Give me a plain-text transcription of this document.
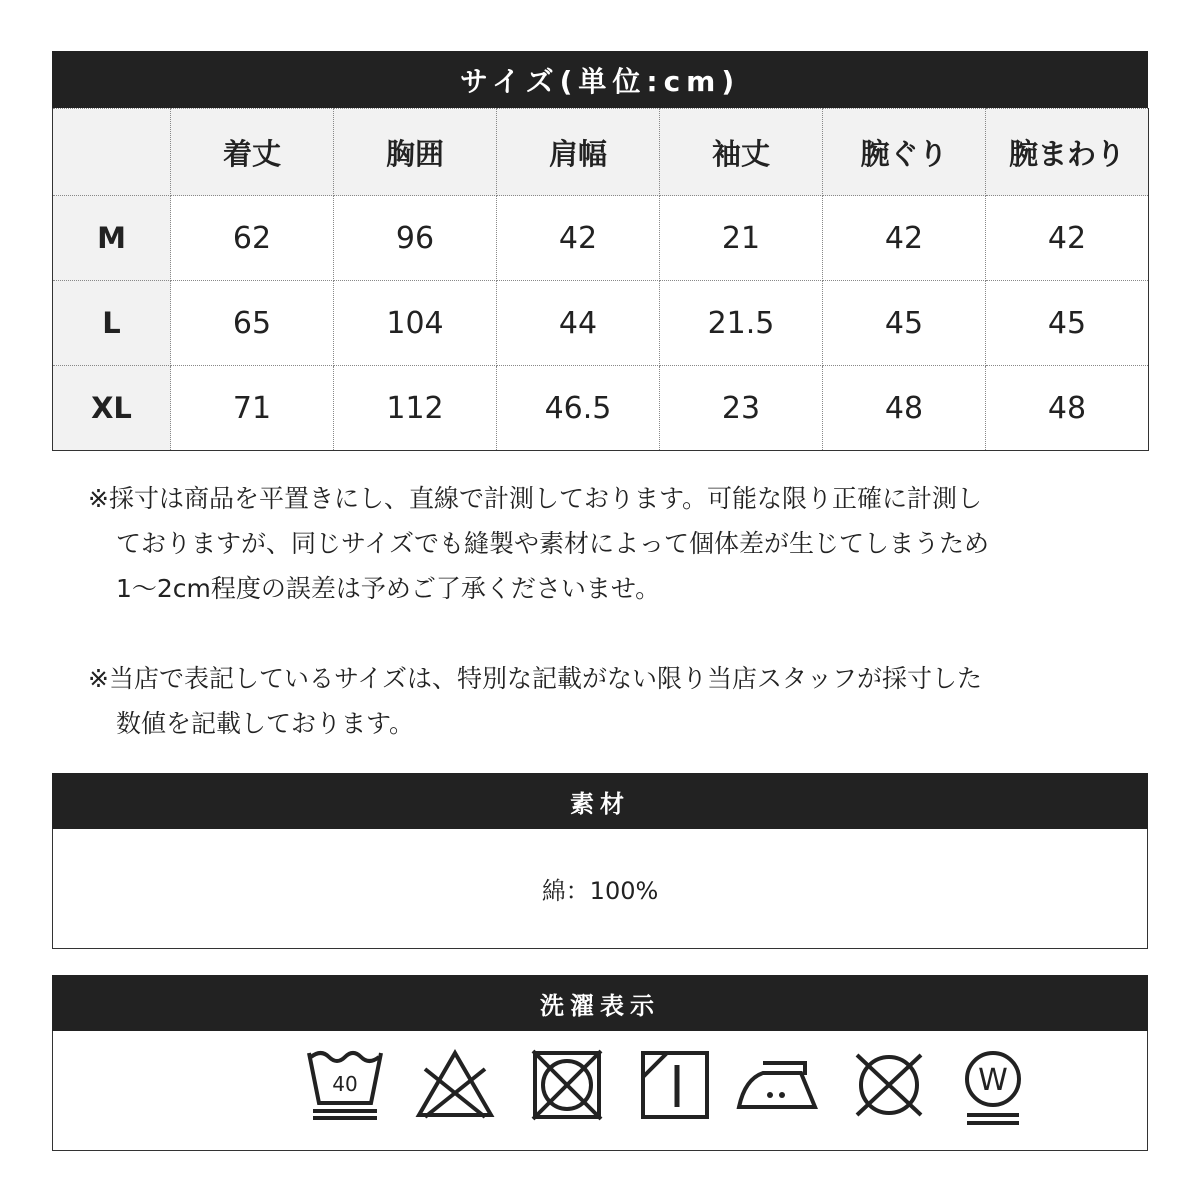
サイズ(単位:cm)
	着丈	胸囲	肩幅	袖丈	腕ぐり	腕まわり
M	62	96	42	21	42	42
L	65	104	44	21.5	45	45
XL	71	112	46.5	23	48	48

※採寸は商品を平置きにし、直線で計測しております。可能な限り正確に計測し
ておりますが、同じサイズでも縫製や素材によって個体差が生じてしまうため
1〜2cm程度の誤差は予めご了承くださいませ。

※当店で表記しているサイズは、特別な記載がない限り当店スタッフが採寸した
数値を記載しております。

素材
綿：100%
洗濯表示
40	W
